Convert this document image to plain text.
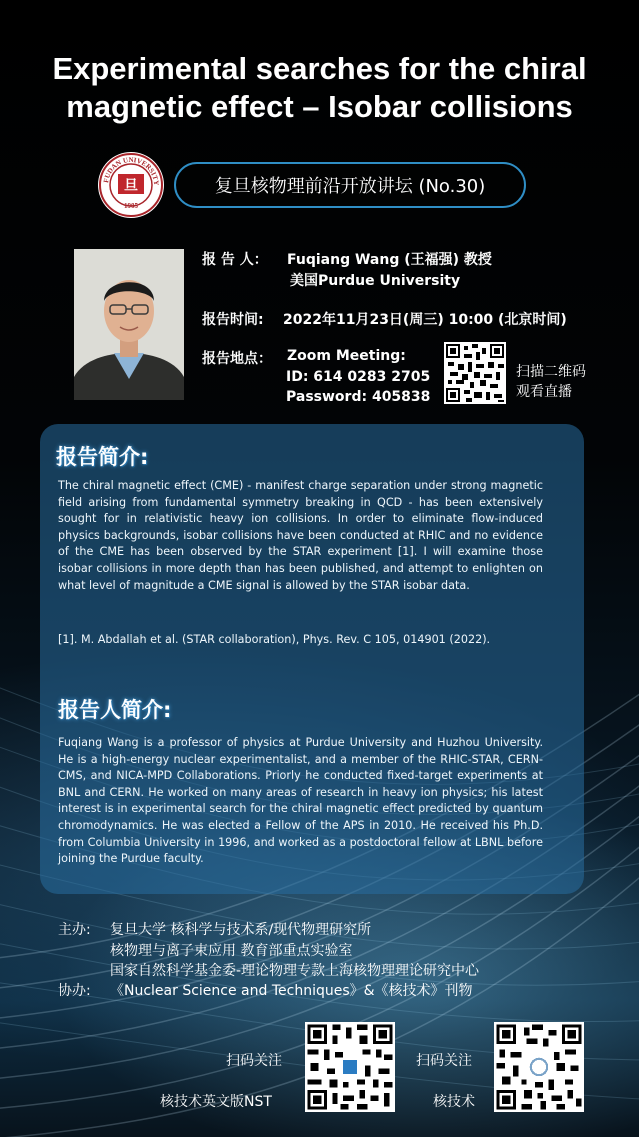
Experimental searches for the chiral
magnetic effect – Isobar collisions
FUDAN UNIVERSITY
旦
1905
复旦核物理前沿开放讲坛 (No.30)
报 告 人： Fuqiang Wang (王福强) 教授
美国Purdue University
报告时间: 2022年11月23日(周三) 10:00 (北京时间)
报告地点： Zoom Meeting:
ID: 614 0283 2705
Password: 405838
扫描二维码
观看直播
报告简介:
The chiral magnetic effect (CME) - manifest charge separation under strong magnetic field arising from fundamental symmetry breaking in QCD - has been extensively sought for in relativistic heavy ion collisions. In order to eliminate flow-induced physics backgrounds, isobar collisions have been conducted at RHIC and no evidence of the CME has been observed by the STAR experiment [1]. I will examine those isobar collisions in more depth than has been published, and attempt to enlighten on what level of magnitude a CME signal is allowed by the STAR isobar data.
[1]. M. Abdallah et al. (STAR collaboration), Phys. Rev. C 105, 014901 (2022).
报告人简介:
Fuqiang Wang is a professor of physics at Purdue University and Huzhou University. He is a high-energy nuclear experimentalist, and a member of the RHIC-STAR, CERN-CMS, and NICA-MPD Collaborations. Priorly he conducted fixed-target experiments at BNL and CERN. He worked on many areas of research in heavy ion physics; his latest interest is in experimental search for the chiral magnetic effect predicted by quantum chromodynamics. He was elected a Fellow of the APS in 2010. He received his Ph.D. from Columbia University in 1996, and worked as a postdoctoral fellow at LBNL before joining the Purdue faculty.
主办: 复旦大学 核科学与技术系/现代物理研究所
核物理与离子束应用 教育部重点实验室
国家自然科学基金委-理论物理专款上海核物理理论研究中心
协办: 《Nuclear Science and Techniques》&《核技术》刊物
扫码关注
核技术英文版NST
扫码关注
核技术
